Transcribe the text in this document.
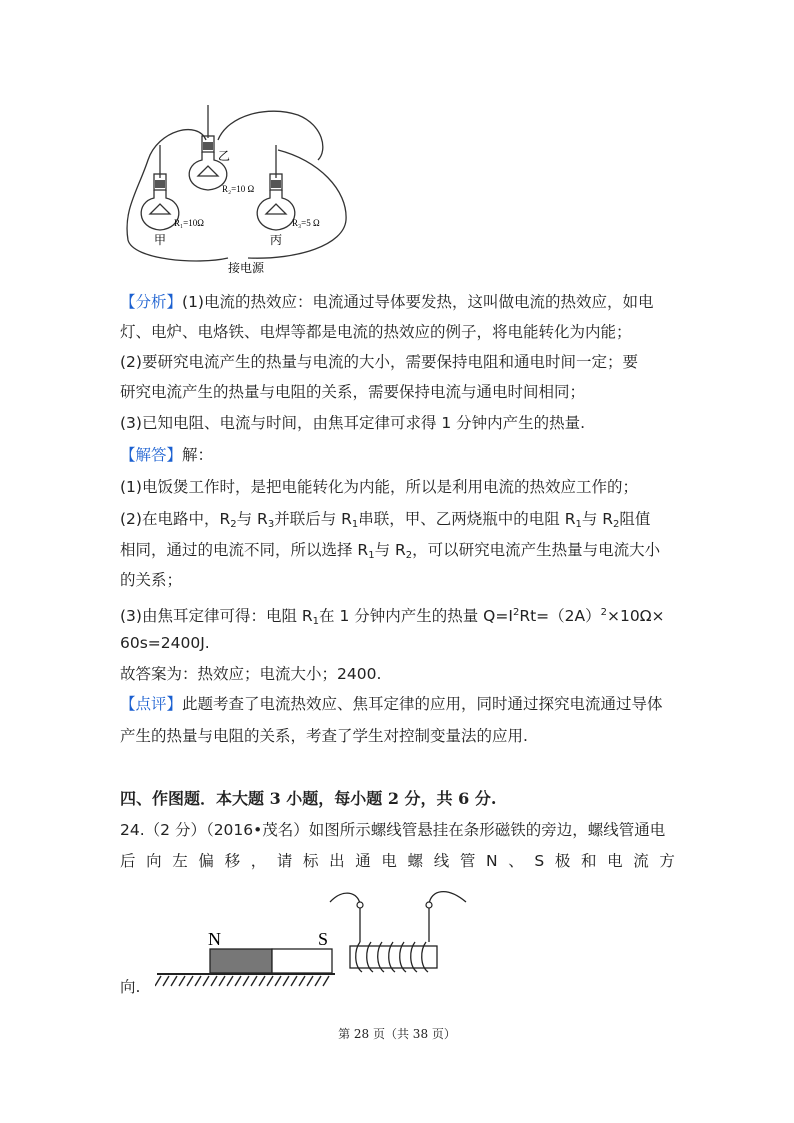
乙
R₂=10 Ω
R₁=10Ω	R₃=5 Ω
甲	丙
接电源
【分析】(1)电流的热效应：电流通过导体要发热，这叫做电流的热效应，如电
灯、电炉、电烙铁、电焊等都是电流的热效应的例子，将电能转化为内能；
(2)要研究电流产生的热量与电流的大小，需要保持电阻和通电时间一定；要
研究电流产生的热量与电阻的关系，需要保持电流与通电时间相同；
(3)已知电阻、电流与时间，由焦耳定律可求得 1 分钟内产生的热量.
【解答】解：
(1)电饭煲工作时，是把电能转化为内能，所以是利用电流的热效应工作的；
(2)在电路中，$R_2$与 $R_3$并联后与 $R_1$串联，甲、乙两烧瓶中的电阻 $R_1$与 $R_2$阻值
相同，通过的电流不同，所以选择 $R_1$与 $R_2$，可以研究电流产生热量与电流大小
的关系；
(3)由焦耳定律可得：电阻 $R_1$在 1 分钟内产生的热量 $Q=I^2Rt=(2A)^2\times 10\Omega\times$
60s=2400J.
故答案为：热效应；电流大小；2400.
【点评】此题考查了电流热效应、焦耳定律的应用，同时通过探究电流通过导体
产生的热量与电阻的关系，考查了学生对控制变量法的应用.
四、作图题．本大题 3 小题，每小题 2 分，共 6 分.
24.（2 分）（2016•茂名）如图所示螺线管悬挂在条形磁铁的旁边，螺线管通电
后 向 左 偏 移 ， 请 标 出 通 电 螺 线 管 N 、 S 极 和 电 流 方
N	S
向.
第 28 页（共 38 页）
